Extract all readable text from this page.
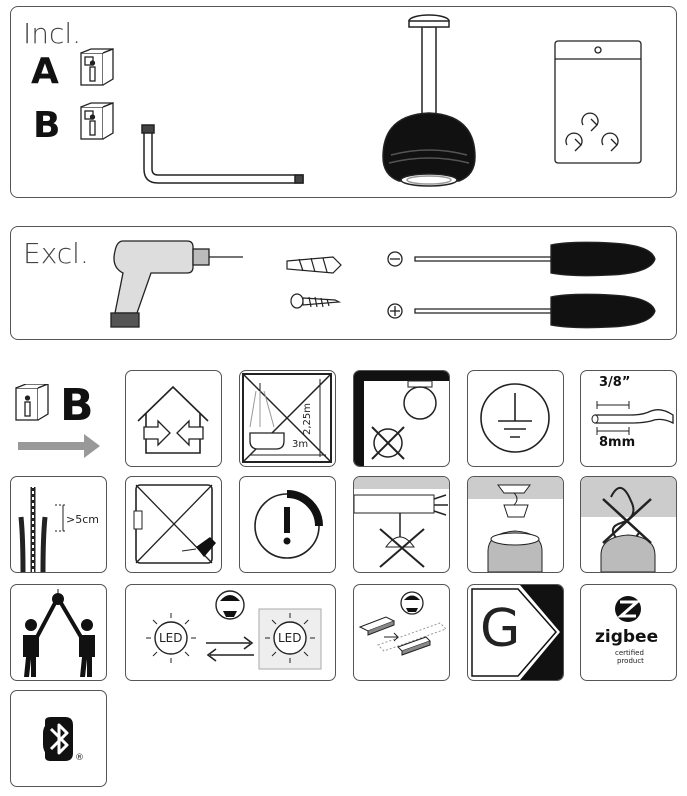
Incl.
A
B
Excl.
B	2,25m
3m
3/8”
8mm
>5cm
LED	LED	G	zigbee
certified
product
®
